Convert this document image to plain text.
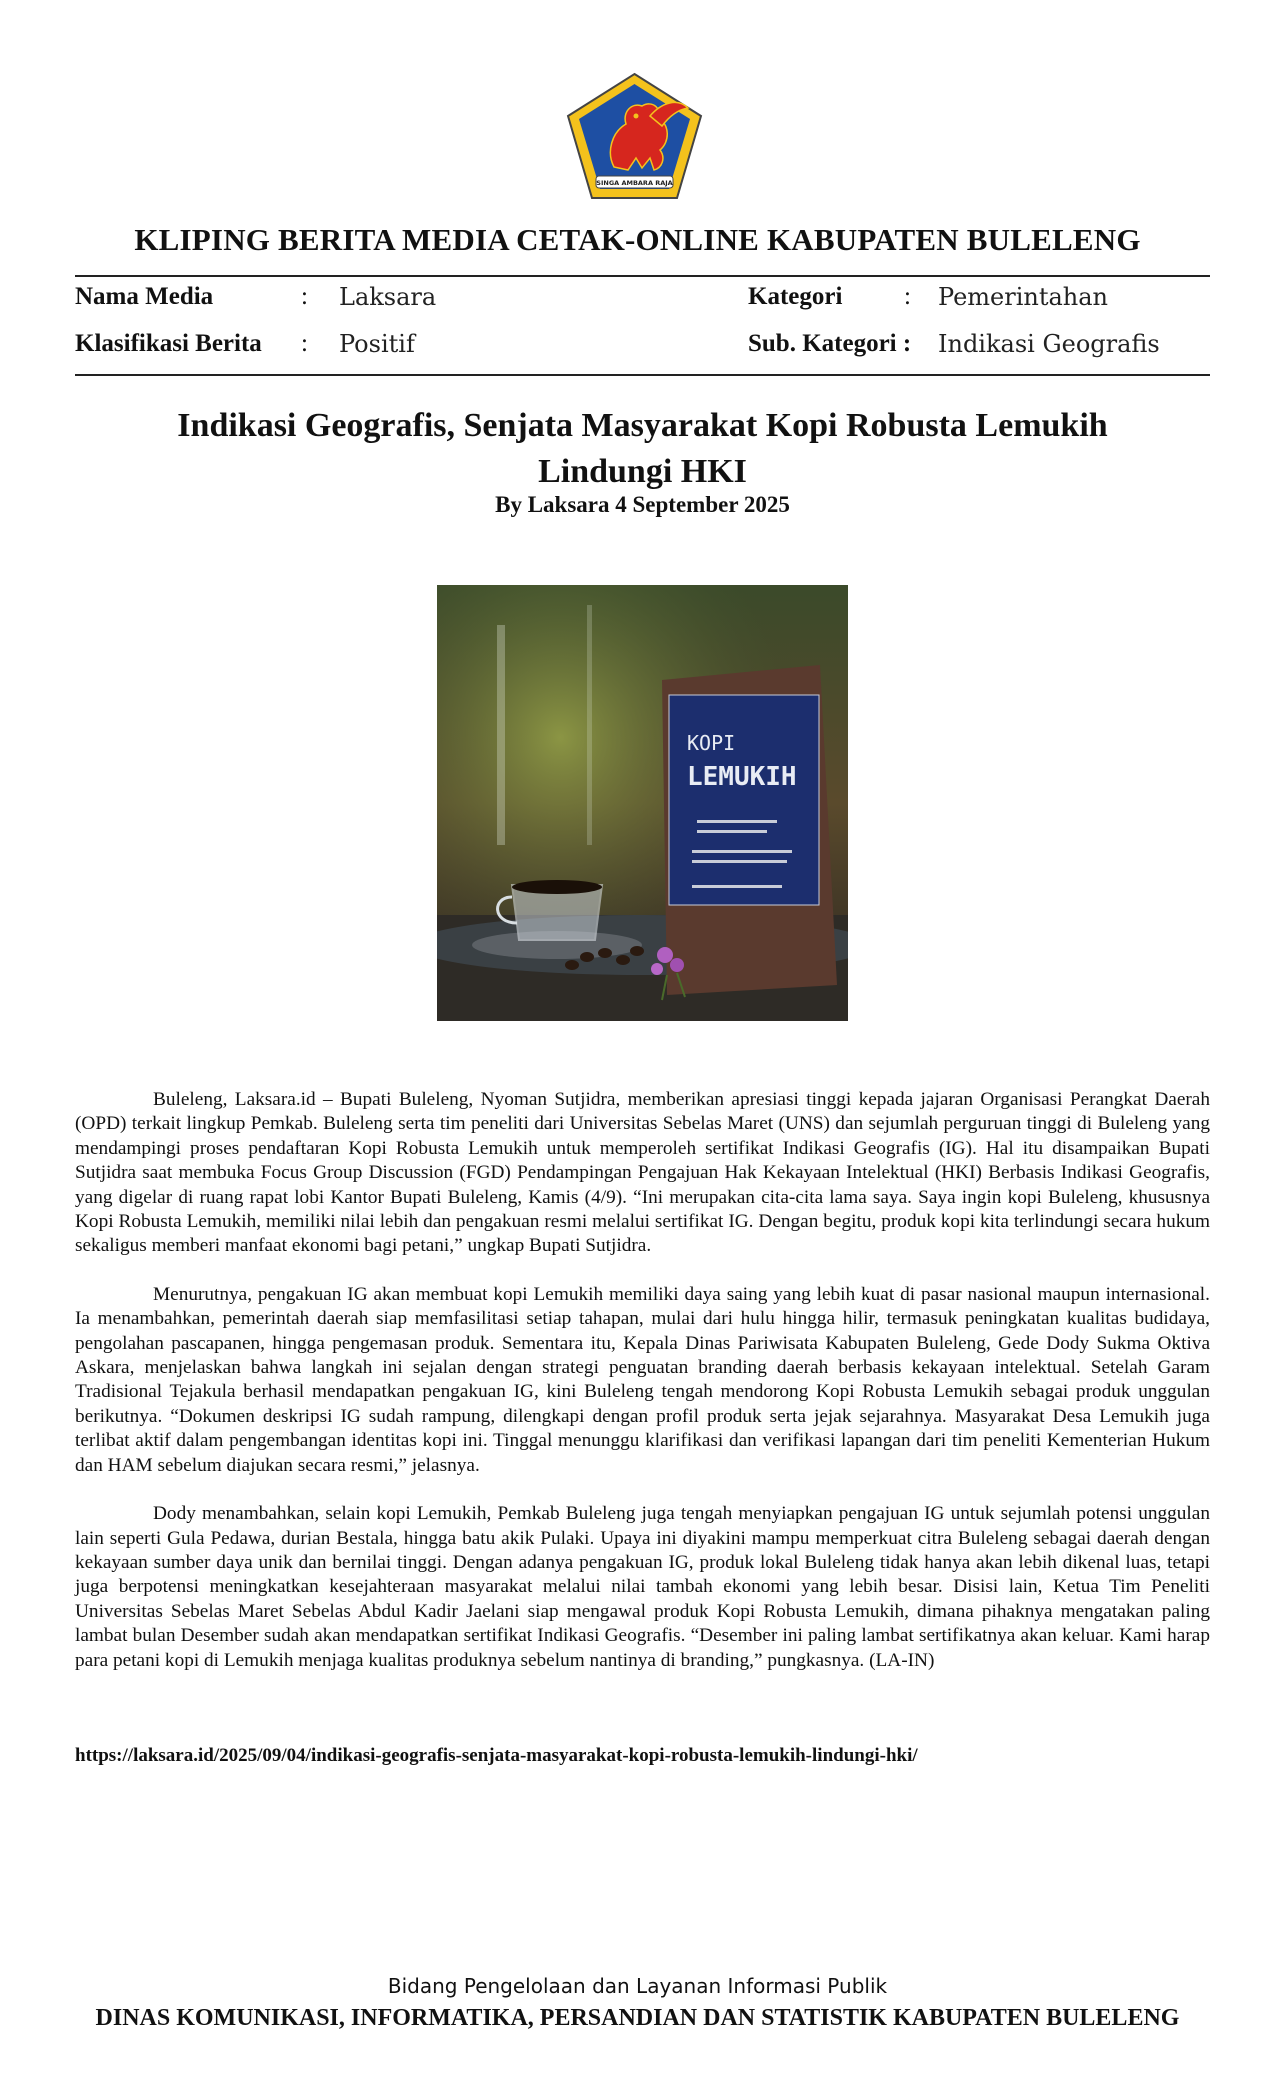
SINGA AMBARA RAJA
KLIPING BERITA MEDIA CETAK-ONLINE KABUPATEN BULELENG
Nama Media	: Laksara	Kategori : Pemerintahan
Klasifikasi Berita : Positif	Sub. Kategori : Indikasi Geografis
Indikasi Geografis, Senjata Masyarakat Kopi Robusta Lemukih
Lindungi HKI
By Laksara 4 September 2025
KOPI
LEMUKIH

Buleleng, Laksara.id – Bupati Buleleng, Nyoman Sutjidra, memberikan apresiasi tinggi kepada jajaran Organisasi Perangkat Daerah (OPD) terkait lingkup Pemkab. Buleleng serta tim peneliti dari Universitas Sebelas Maret (UNS) dan sejumlah perguruan tinggi di Buleleng yang mendampingi proses pendaftaran Kopi Robusta Lemukih untuk memperoleh sertifikat Indikasi Geografis (IG). Hal itu disampaikan Bupati Sutjidra saat membuka Focus Group Discussion (FGD) Pendampingan Pengajuan Hak Kekayaan Intelektual (HKI) Berbasis Indikasi Geografis, yang digelar di ruang rapat lobi Kantor Bupati Buleleng, Kamis (4/9). “Ini merupakan cita-cita lama saya. Saya ingin kopi Buleleng, khususnya Kopi Robusta Lemukih, memiliki nilai lebih dan pengakuan resmi melalui sertifikat IG. Dengan begitu, produk kopi kita terlindungi secara hukum sekaligus memberi manfaat ekonomi bagi petani,” ungkap Bupati Sutjidra.

Menurutnya, pengakuan IG akan membuat kopi Lemukih memiliki daya saing yang lebih kuat di pasar nasional maupun internasional. Ia menambahkan, pemerintah daerah siap memfasilitasi setiap tahapan, mulai dari hulu hingga hilir, termasuk peningkatan kualitas budidaya, pengolahan pascapanen, hingga pengemasan produk. Sementara itu, Kepala Dinas Pariwisata Kabupaten Buleleng, Gede Dody Sukma Oktiva Askara, menjelaskan bahwa langkah ini sejalan dengan strategi penguatan branding daerah berbasis kekayaan intelektual. Setelah Garam Tradisional Tejakula berhasil mendapatkan pengakuan IG, kini Buleleng tengah mendorong Kopi Robusta Lemukih sebagai produk unggulan berikutnya. “Dokumen deskripsi IG sudah rampung, dilengkapi dengan profil produk serta jejak sejarahnya. Masyarakat Desa Lemukih juga terlibat aktif dalam pengembangan identitas kopi ini. Tinggal menunggu klarifikasi dan verifikasi lapangan dari tim peneliti Kementerian Hukum dan HAM sebelum diajukan secara resmi,” jelasnya.

Dody menambahkan, selain kopi Lemukih, Pemkab Buleleng juga tengah menyiapkan pengajuan IG untuk sejumlah potensi unggulan lain seperti Gula Pedawa, durian Bestala, hingga batu akik Pulaki. Upaya ini diyakini mampu memperkuat citra Buleleng sebagai daerah dengan kekayaan sumber daya unik dan bernilai tinggi. Dengan adanya pengakuan IG, produk lokal Buleleng tidak hanya akan lebih dikenal luas, tetapi juga berpotensi meningkatkan kesejahteraan masyarakat melalui nilai tambah ekonomi yang lebih besar. Disisi lain, Ketua Tim Peneliti Universitas Sebelas Maret Sebelas Abdul Kadir Jaelani siap mengawal produk Kopi Robusta Lemukih, dimana pihaknya mengatakan paling lambat bulan Desember sudah akan mendapatkan sertifikat Indikasi Geografis. “Desember ini paling lambat sertifikatnya akan keluar. Kami harap para petani kopi di Lemukih menjaga kualitas produknya sebelum nantinya di branding,” pungkasnya. (LA-IN)

https://laksara.id/2025/09/04/indikasi-geografis-senjata-masyarakat-kopi-robusta-lemukih-lindungi-hki/
Bidang Pengelolaan dan Layanan Informasi Publik
DINAS KOMUNIKASI, INFORMATIKA, PERSANDIAN DAN STATISTIK KABUPATEN BULELENG
